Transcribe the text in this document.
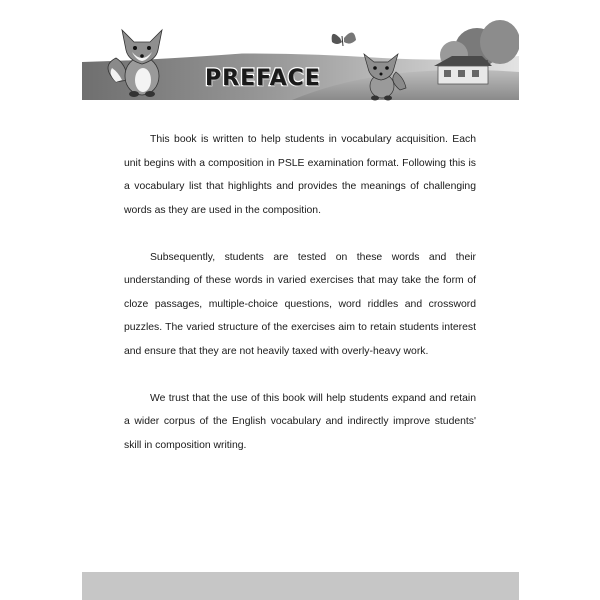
PREFACE

This book is written to help students in vocabulary acquisition. Each unit begins with a composition in PSLE examination format. Following this is a vocabulary list that highlights and provides the meanings of challenging words as they are used in the composition.

Subsequently, students are tested on these words and their understanding of these words in varied exercises that may take the form of cloze passages, multiple-choice questions, word riddles and crossword puzzles. The varied structure of the exercises aim to retain students interest and ensure that they are not heavily taxed with overly-heavy work.

We trust that the use of this book will help students expand and retain a wider corpus of the English vocabulary and indirectly improve students' skill in composition writing.
